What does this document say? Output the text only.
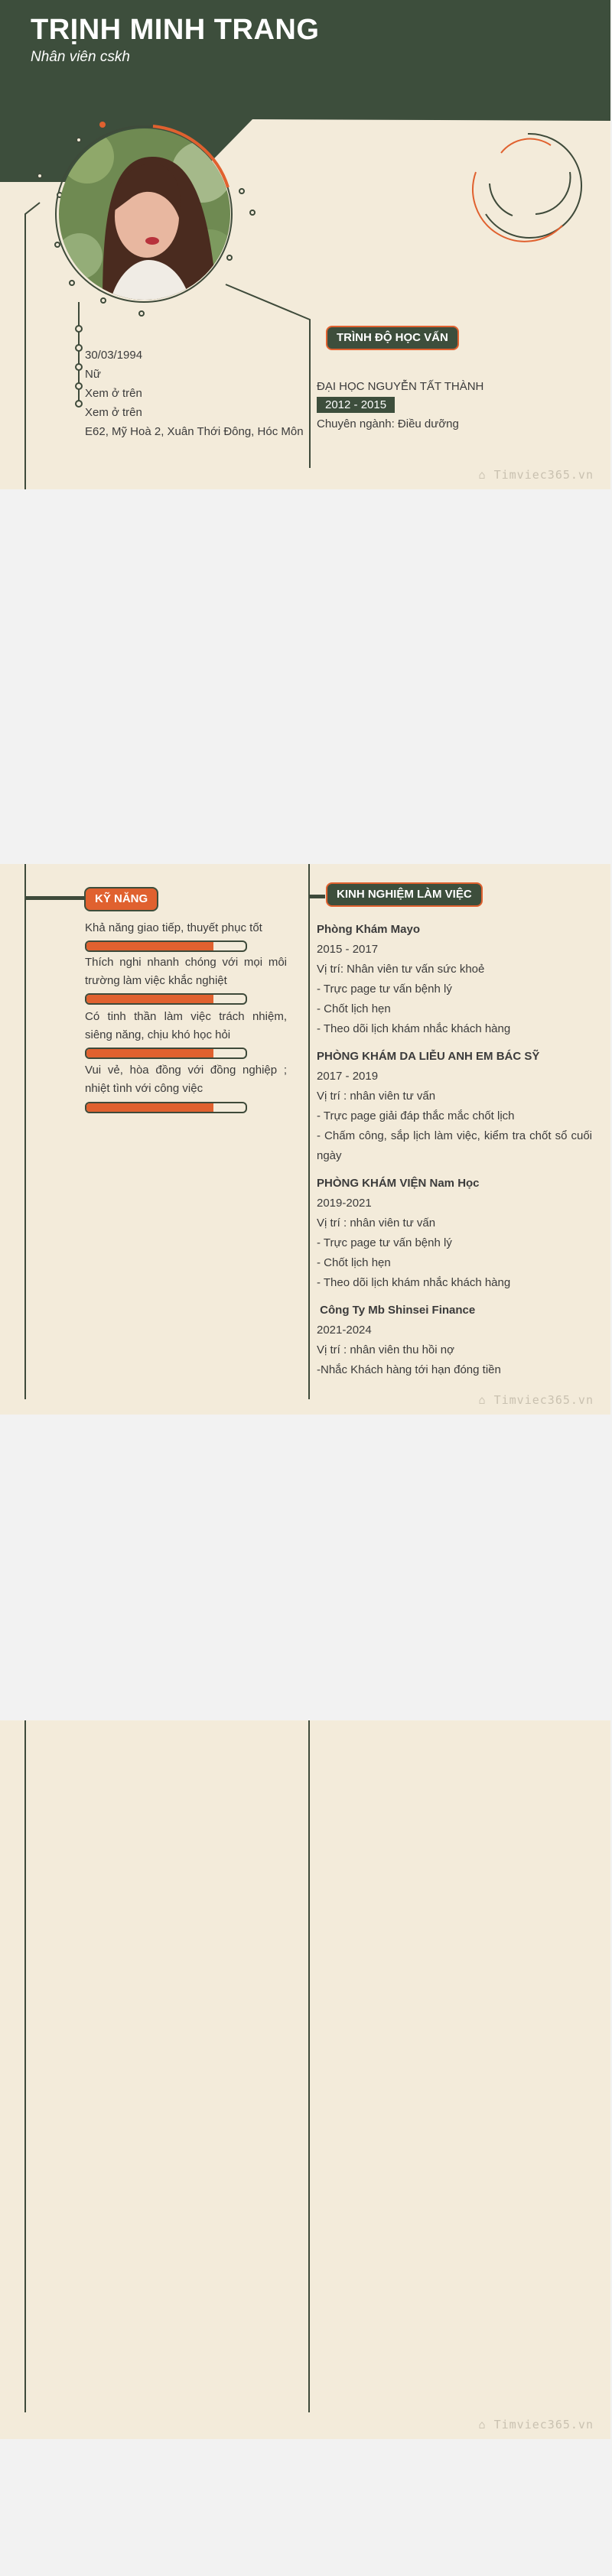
TRỊNH MINH TRANG
Nhân viên cskh
30/03/1994
Nữ
Xem ở trên
Xem ở trên
E62, Mỹ Hoà 2, Xuân Thới Đông, Hóc Môn
TRÌNH ĐỘ HỌC VẤN
ĐẠI HỌC NGUYỄN TẤT THÀNH
2012 - 2015
Chuyên ngành: Điều dưỡng
⌂ Timviec365.vn
KỸ NĂNG
Khả năng giao tiếp, thuyết phục tốt
Thích nghi nhanh chóng với mọi môi trường làm việc khắc nghiệt
Có tinh thần làm việc trách nhiệm, siêng năng, chịu khó học hỏi
Vui vẻ, hòa đồng với đồng nghiệp ; nhiệt tình với công việc
KINH NGHIỆM LÀM VIỆC

Phòng Khám Mayo

2015 - 2017

Vị trí: Nhân viên tư vấn sức khoẻ

- Trực page tư vấn bệnh lý

- Chốt lịch hẹn

- Theo dõi lịch khám nhắc khách hàng

PHÒNG KHÁM DA LIỄU ANH EM BÁC SỸ

2017 - 2019

Vị trí : nhân viên tư vấn

- Trực page giải đáp thắc mắc chốt lịch

- Chấm công, sắp lịch làm việc, kiểm tra chốt sổ cuối ngày

PHÒNG KHÁM VIỆN Nam Học

2019-2021

Vị trí : nhân viên tư vấn

- Trực page tư vấn bệnh lý

- Chốt lịch hẹn

- Theo dõi lịch khám nhắc khách hàng

Công Ty Mb Shinsei Finance

2021-2024

Vị trí : nhân viên thu hồi nợ

-Nhắc Khách hàng tới hạn đóng tiền

⌂ Timviec365.vn
⌂ Timviec365.vn
